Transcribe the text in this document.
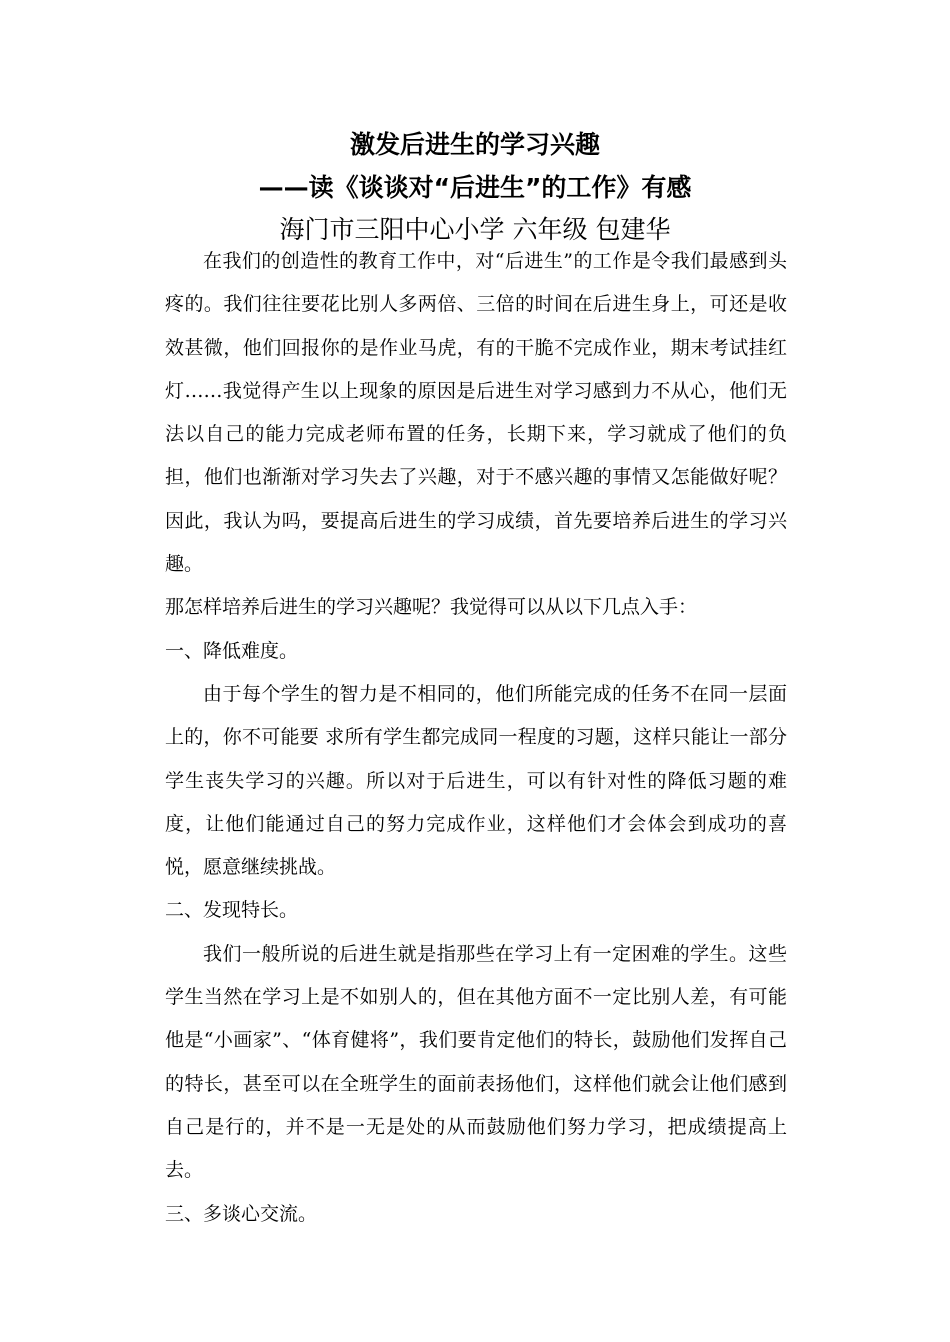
激发后进生的学习兴趣
——读《谈谈对“后进生”的工作》有感
海门市三阳中心小学 六年级 包建华

在我们的创造性的教育工作中，对“后进生”的工作是令我们最感到头疼的。我们往往要花比别人多两倍、三倍的时间在后进生身上，可还是收效甚微，他们回报你的是作业马虎，有的干脆不完成作业，期末考试挂红灯……我觉得产生以上现象的原因是后进生对学习感到力不从心，他们无法以自己的能力完成老师布置的任务，长期下来，学习就成了他们的负担，他们也渐渐对学习失去了兴趣，对于不感兴趣的事情又怎能做好呢？因此，我认为吗，要提高后进生的学习成绩，首先要培养后进生的学习兴趣。

那怎样培养后进生的学习兴趣呢？我觉得可以从以下几点入手：

一、降低难度。

由于每个学生的智力是不相同的，他们所能完成的任务不在同一层面上的，你不可能要 求所有学生都完成同一程度的习题，这样只能让一部分学生丧失学习的兴趣。所以对于后进生，可以有针对性的降低习题的难度，让他们能通过自己的努力完成作业，这样他们才会体会到成功的喜悦，愿意继续挑战。

二、发现特长。

我们一般所说的后进生就是指那些在学习上有一定困难的学生。这些学生当然在学习上是不如别人的，但在其他方面不一定比别人差，有可能他是“小画家”、“体育健将”，我们要肯定他们的特长，鼓励他们发挥自己的特长，甚至可以在全班学生的面前表扬他们，这样他们就会让他们感到自己是行的，并不是一无是处的从而鼓励他们努力学习，把成绩提高上去。

三、多谈心交流。
